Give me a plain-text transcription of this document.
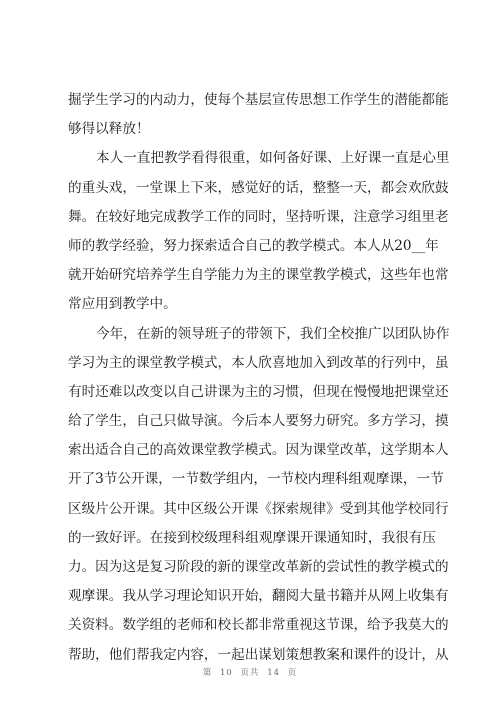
掘学生学习的内动力，使每个基层宣传思想工作学生的潜能都能
够得以释放！
本人一直把教学看得很重，如何备好课、上好课一直是心里
的重头戏，一堂课上下来，感觉好的话，整整一天，都会欢欣鼓
舞。在较好地完成教学工作的同时，坚持听课，注意学习组里老
师的教学经验，努力探索适合自己的教学模式。本人从20__年
就开始研究培养学生自学能力为主的课堂教学模式，这些年也常
常应用到教学中。
今年，在新的领导班子的带领下，我们全校推广以团队协作
学习为主的课堂教学模式，本人欣喜地加入到改革的行列中，虽
有时还难以改变以自己讲课为主的习惯，但现在慢慢地把课堂还
给了学生，自己只做导演。今后本人要努力研究。多方学习，摸
索出适合自己的高效课堂教学模式。因为课堂改革，这学期本人
开了3节公开课，一节数学组内，一节校内理科组观摩课，一节
区级片公开课。其中区级公开课《探索规律》受到其他学校同行
的一致好评。在接到校级理科组观摩课开课通知时，我很有压
力。因为这是复习阶段的新的课堂改革新的尝试性的教学模式的
观摩课。我从学习理论知识开始，翻阅大量书籍并从网上收集有
关资料。数学组的老师和校长都非常重视这节课，给予我莫大的
帮助，他们帮我定内容，一起出谋划策想教案和课件的设计，从
第 10 页共 14 页
